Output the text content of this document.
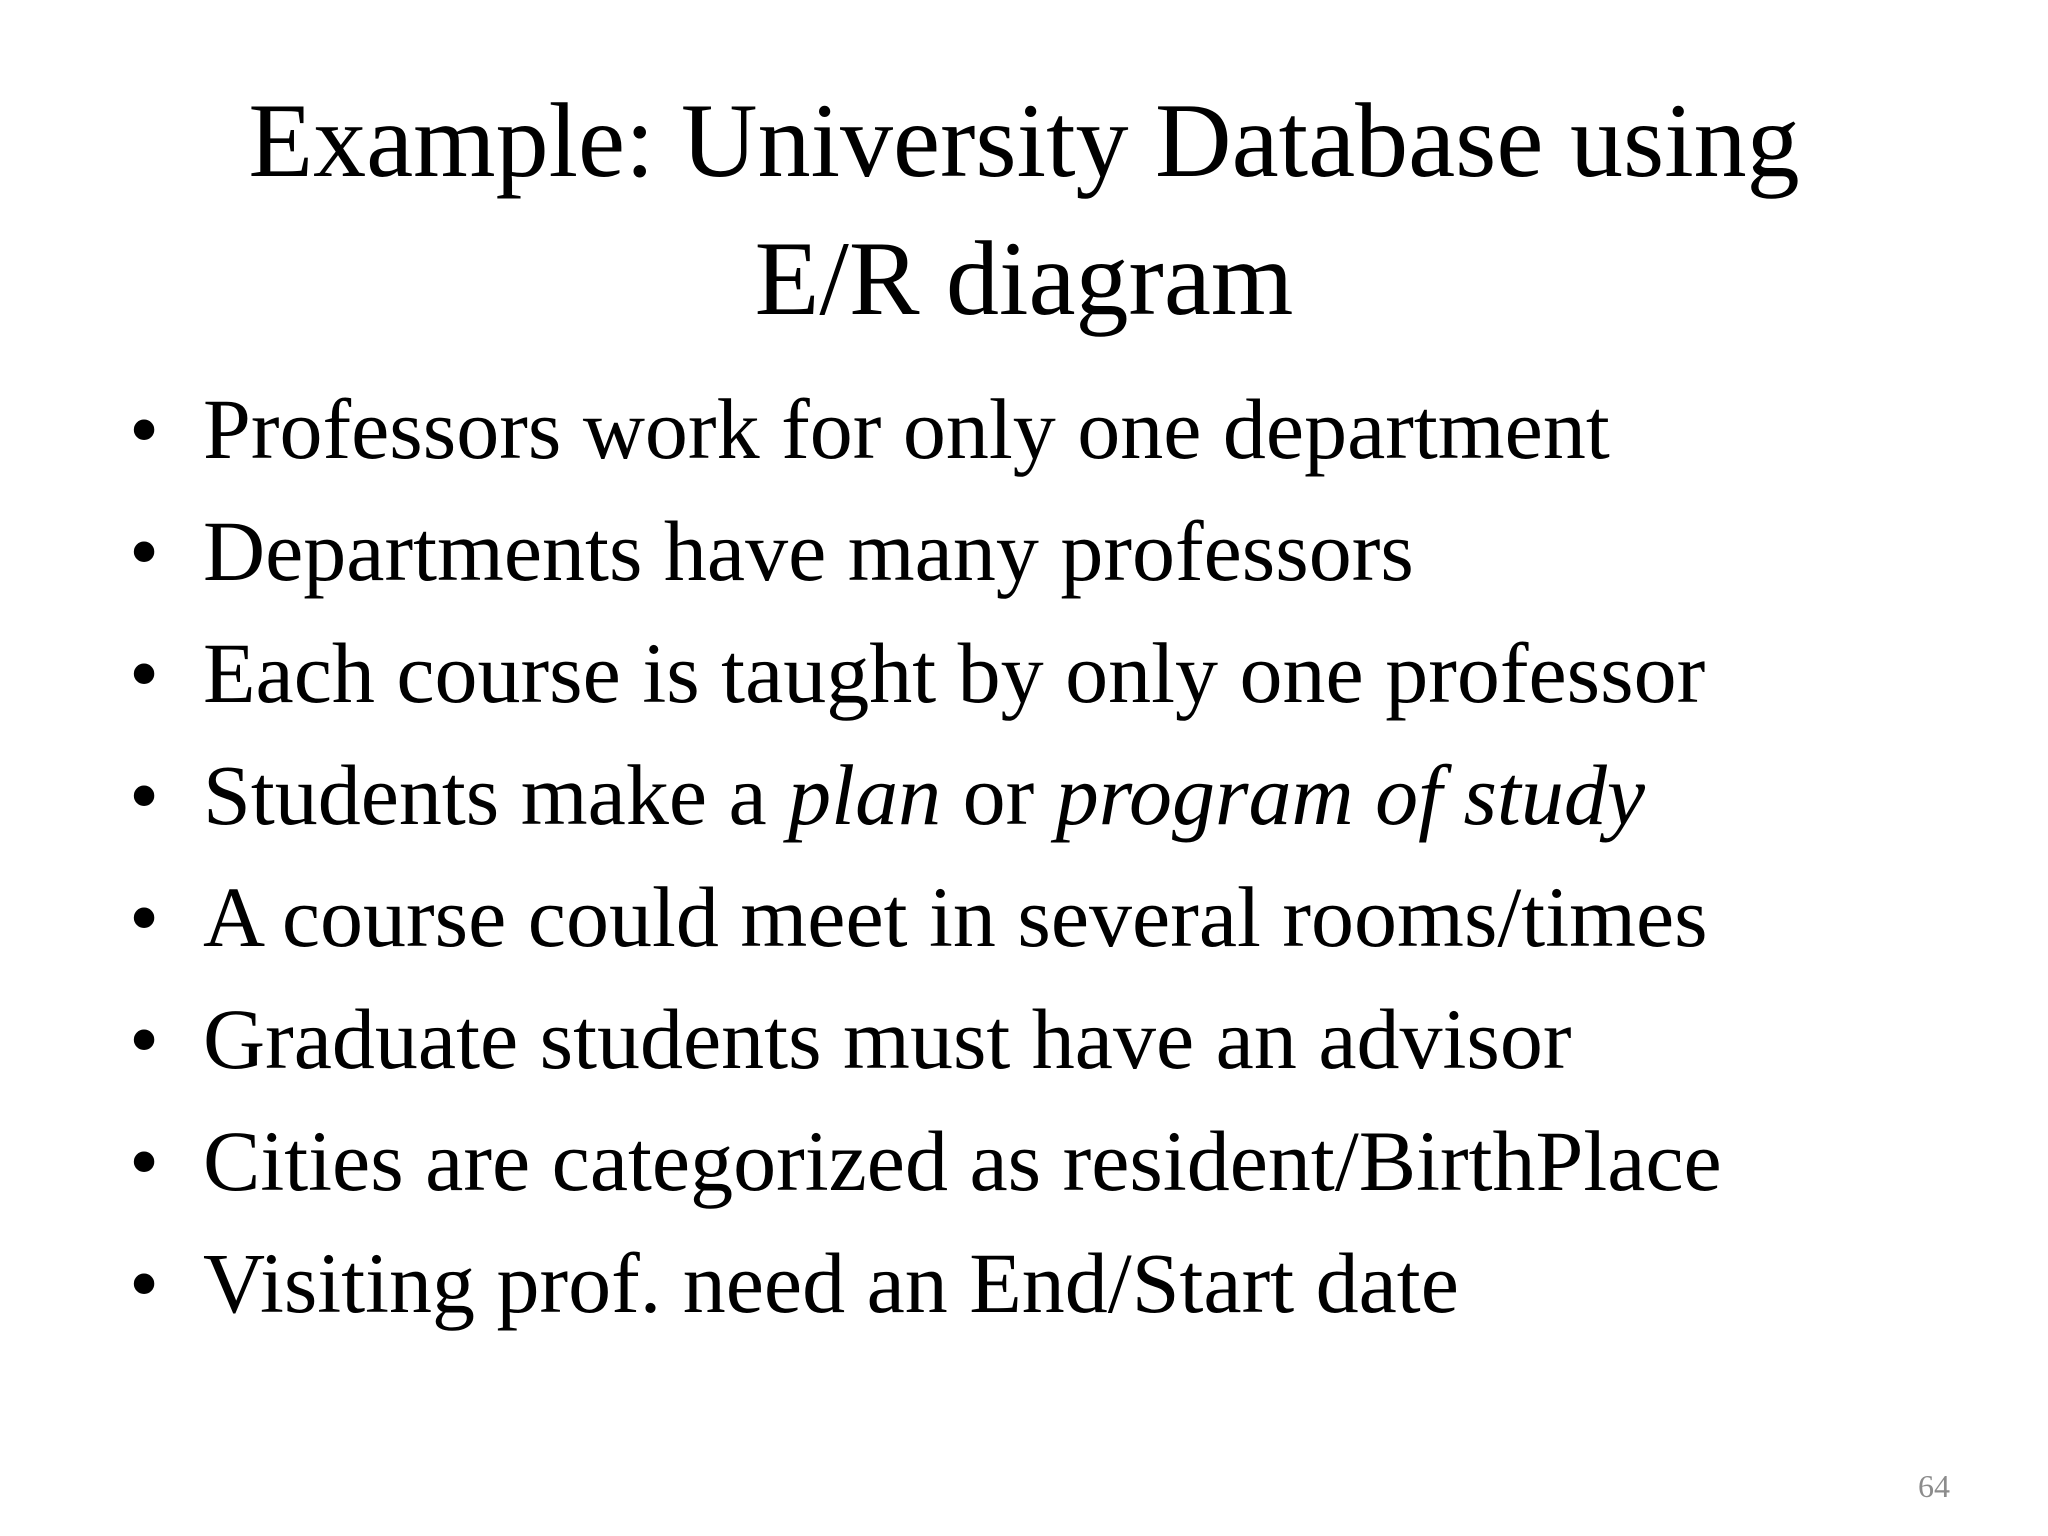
Example: University Database using
E/R diagram
• Professors work for only one department
• Departments have many professors
• Each course is taught by only one professor
• Students make a plan or program of study
• A course could meet in several rooms/times
• Graduate students must have an advisor
• Cities are categorized as resident/BirthPlace
• Visiting prof. need an End/Start date
64
